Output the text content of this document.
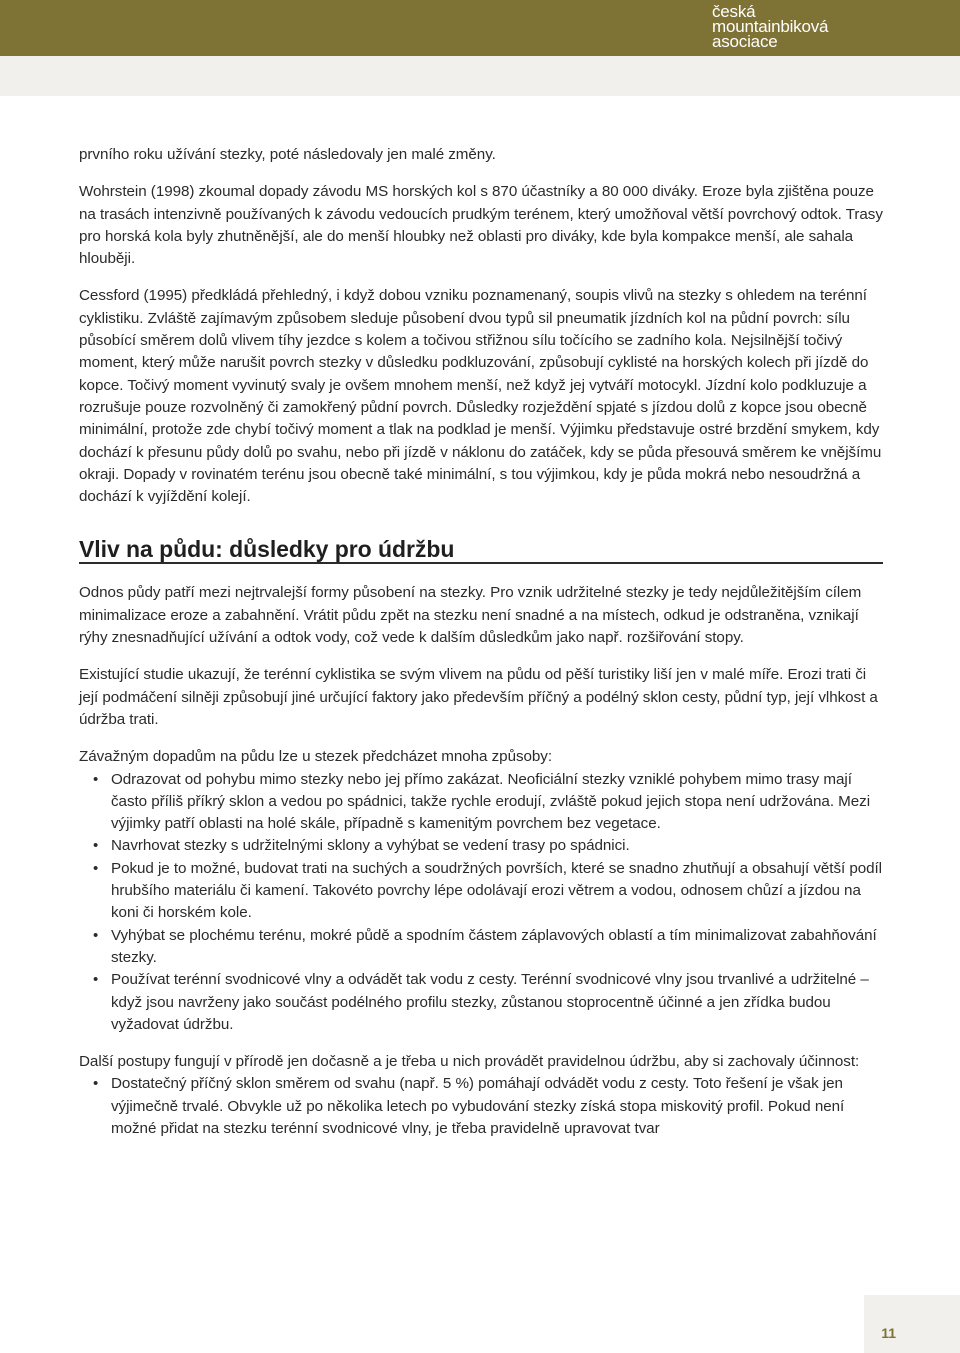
česká
mountainbiková
asociace

prvního roku užívání stezky, poté následovaly jen malé změny.

Wohrstein (1998) zkoumal dopady závodu MS horských kol s 870 účastníky a 80 000 diváky. Eroze byla zjištěna pouze na trasách intenzivně používaných k závodu vedoucích prudkým terénem, který umožňoval větší povrchový odtok. Trasy pro horská kola byly zhutněnější, ale do menší hloubky než oblasti pro diváky, kde byla kompakce menší, ale sahala hlouběji.

Cessford (1995) předkládá přehledný, i když dobou vzniku poznamenaný, soupis vlivů na stezky s ohledem na terénní cyklistiku. Zvláště zajímavým způsobem sleduje působení dvou typů sil pneumatik jízdních kol na půdní povrch: sílu působící směrem dolů vlivem tíhy jezdce s kolem a točivou střižnou sílu točícího se zadního kola. Nejsilnější točivý moment, který může narušit povrch stezky v důsledku podkluzování, způsobují cyklisté na horských kolech při jízdě do kopce. Točivý moment vyvinutý svaly je ovšem mnohem menší, než když jej vytváří motocykl. Jízdní kolo podkluzuje a rozrušuje pouze rozvolněný či zamokřený půdní povrch. Důsledky rozježdění spjaté s jízdou dolů z kopce jsou obecně minimální, protože zde chybí točivý moment a tlak na podklad je menší. Výjimku představuje ostré brzdění smykem, kdy dochází k přesunu půdy dolů po svahu, nebo při jízdě v náklonu do zatáček, kdy se půda přesouvá směrem ke vnějšímu okraji. Dopady v rovinatém terénu jsou obecně také minimální, s tou výjimkou, kdy je půda mokrá nebo nesoudržná a dochází k vyjíždění kolejí.

Vliv na půdu: důsledky pro údržbu

Odnos půdy patří mezi nejtrvalejší formy působení na stezky. Pro vznik udržitelné stezky je tedy nejdůležitějším cílem minimalizace eroze a zabahnění. Vrátit půdu zpět na stezku není snadné a na místech, odkud je odstraněna, vznikají rýhy znesnadňující užívání a odtok vody, což vede k dalším důsledkům jako např. rozšiřování stopy.

Existující studie ukazují, že terénní cyklistika se svým vlivem na půdu od pěší turistiky liší jen v malé míře. Erozi trati či její podmáčení silněji způsobují jiné určující faktory jako především příčný a podélný sklon cesty, půdní typ, její vlhkost a údržba trati.

Závažným dopadům na půdu lze u stezek předcházet mnoha způsoby:

• Odrazovat od pohybu mimo stezky nebo jej přímo zakázat. Neoficiální stezky vzniklé pohybem mimo trasy mají často příliš příkrý sklon a vedou po spádnici, takže rychle erodují, zvláště pokud jejich stopa není udržována. Mezi výjimky patří oblasti na holé skále, případně s kamenitým povrchem bez vegetace.
• Navrhovat stezky s udržitelnými sklony a vyhýbat se vedení trasy po spádnici.
• Pokud je to možné, budovat trati na suchých a soudržných površích, které se snadno zhutňují a obsahují větší podíl hrubšího materiálu či kamení. Takovéto povrchy lépe odolávají erozi větrem a vodou, odnosem chůzí a jízdou na koni či horském kole.
• Vyhýbat se plochému terénu, mokré půdě a spodním částem záplavových oblastí a tím minimalizovat zabahňování stezky.
• Používat terénní svodnicové vlny a odvádět tak vodu z cesty. Terénní svodnicové vlny jsou trvanlivé a udržitelné – když jsou navrženy jako součást podélného profilu stezky, zůstanou stoprocentně účinné a jen zřídka budou vyžadovat údržbu.

Další postupy fungují v přírodě jen dočasně a je třeba u nich provádět pravidelnou údržbu, aby si zachovaly účinnost:

• Dostatečný příčný sklon směrem od svahu (např. 5 %) pomáhají odvádět vodu z cesty. Toto řešení je však jen výjimečně trvalé. Obvykle už po několika letech po vybudování stezky získá stopa miskovitý profil. Pokud není možné přidat na stezku terénní svodnicové vlny, je třeba pravidelně upravovat tvar
11
